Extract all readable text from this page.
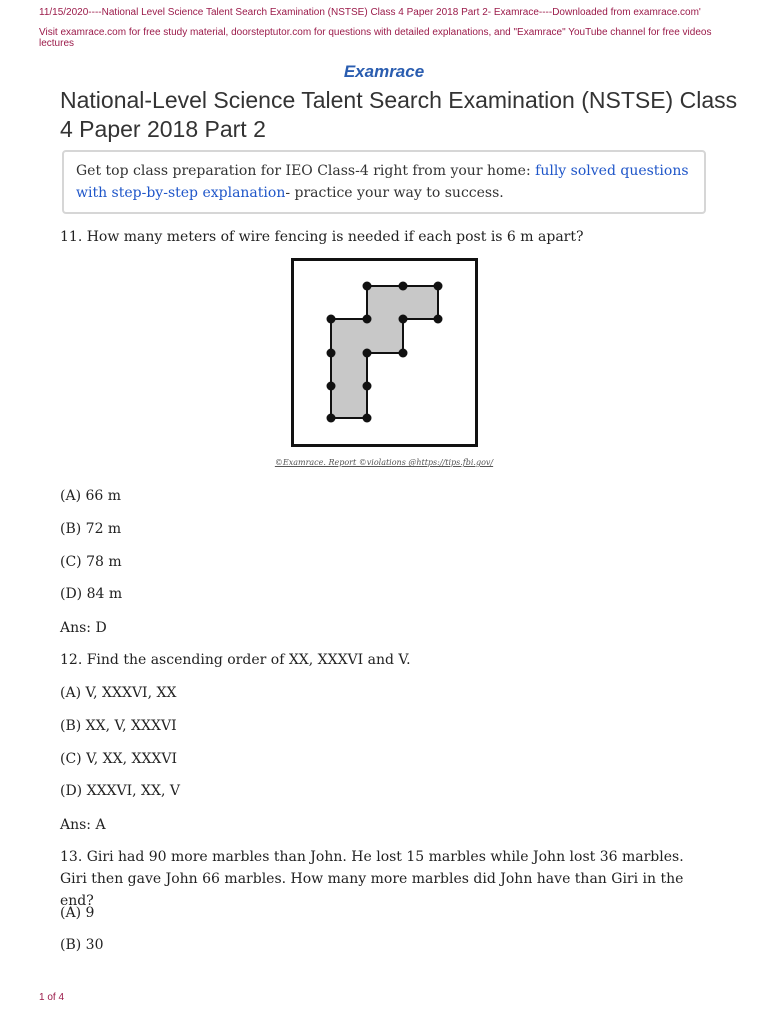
11/15/2020----National Level Science Talent Search Examination (NSTSE) Class 4 Paper 2018 Part 2- Examrace----Downloaded from examrace.com'
Visit examrace.com for free study material, doorsteptutor.com for questions with detailed explanations, and "Examrace" YouTube channel for free videos lectures
Examrace
National-Level Science Talent Search Examination (NSTSE) Class 4 Paper 2018 Part 2
Get top class preparation for IEO Class-4 right from your home: fully solved questions with step-by-step explanation- practice your way to success.
11. How many meters of wire fencing is needed if each post is 6 m apart?
©Examrace. Report ©violations @https://tips.fbi.gov/
(A) 66 m
(B) 72 m
(C) 78 m
(D) 84 m
Ans: D
12. Find the ascending order of XX, XXXVI and V.
(A) V, XXXVI, XX
(B) XX, V, XXXVI
(C) V, XX, XXXVI
(D) XXXVI, XX, V
Ans: A
13. Giri had 90 more marbles than John. He lost 15 marbles while John lost 36 marbles. Giri then gave John 66 marbles. How many more marbles did John have than Giri in the end?
(A) 9
(B) 30
1 of 4
